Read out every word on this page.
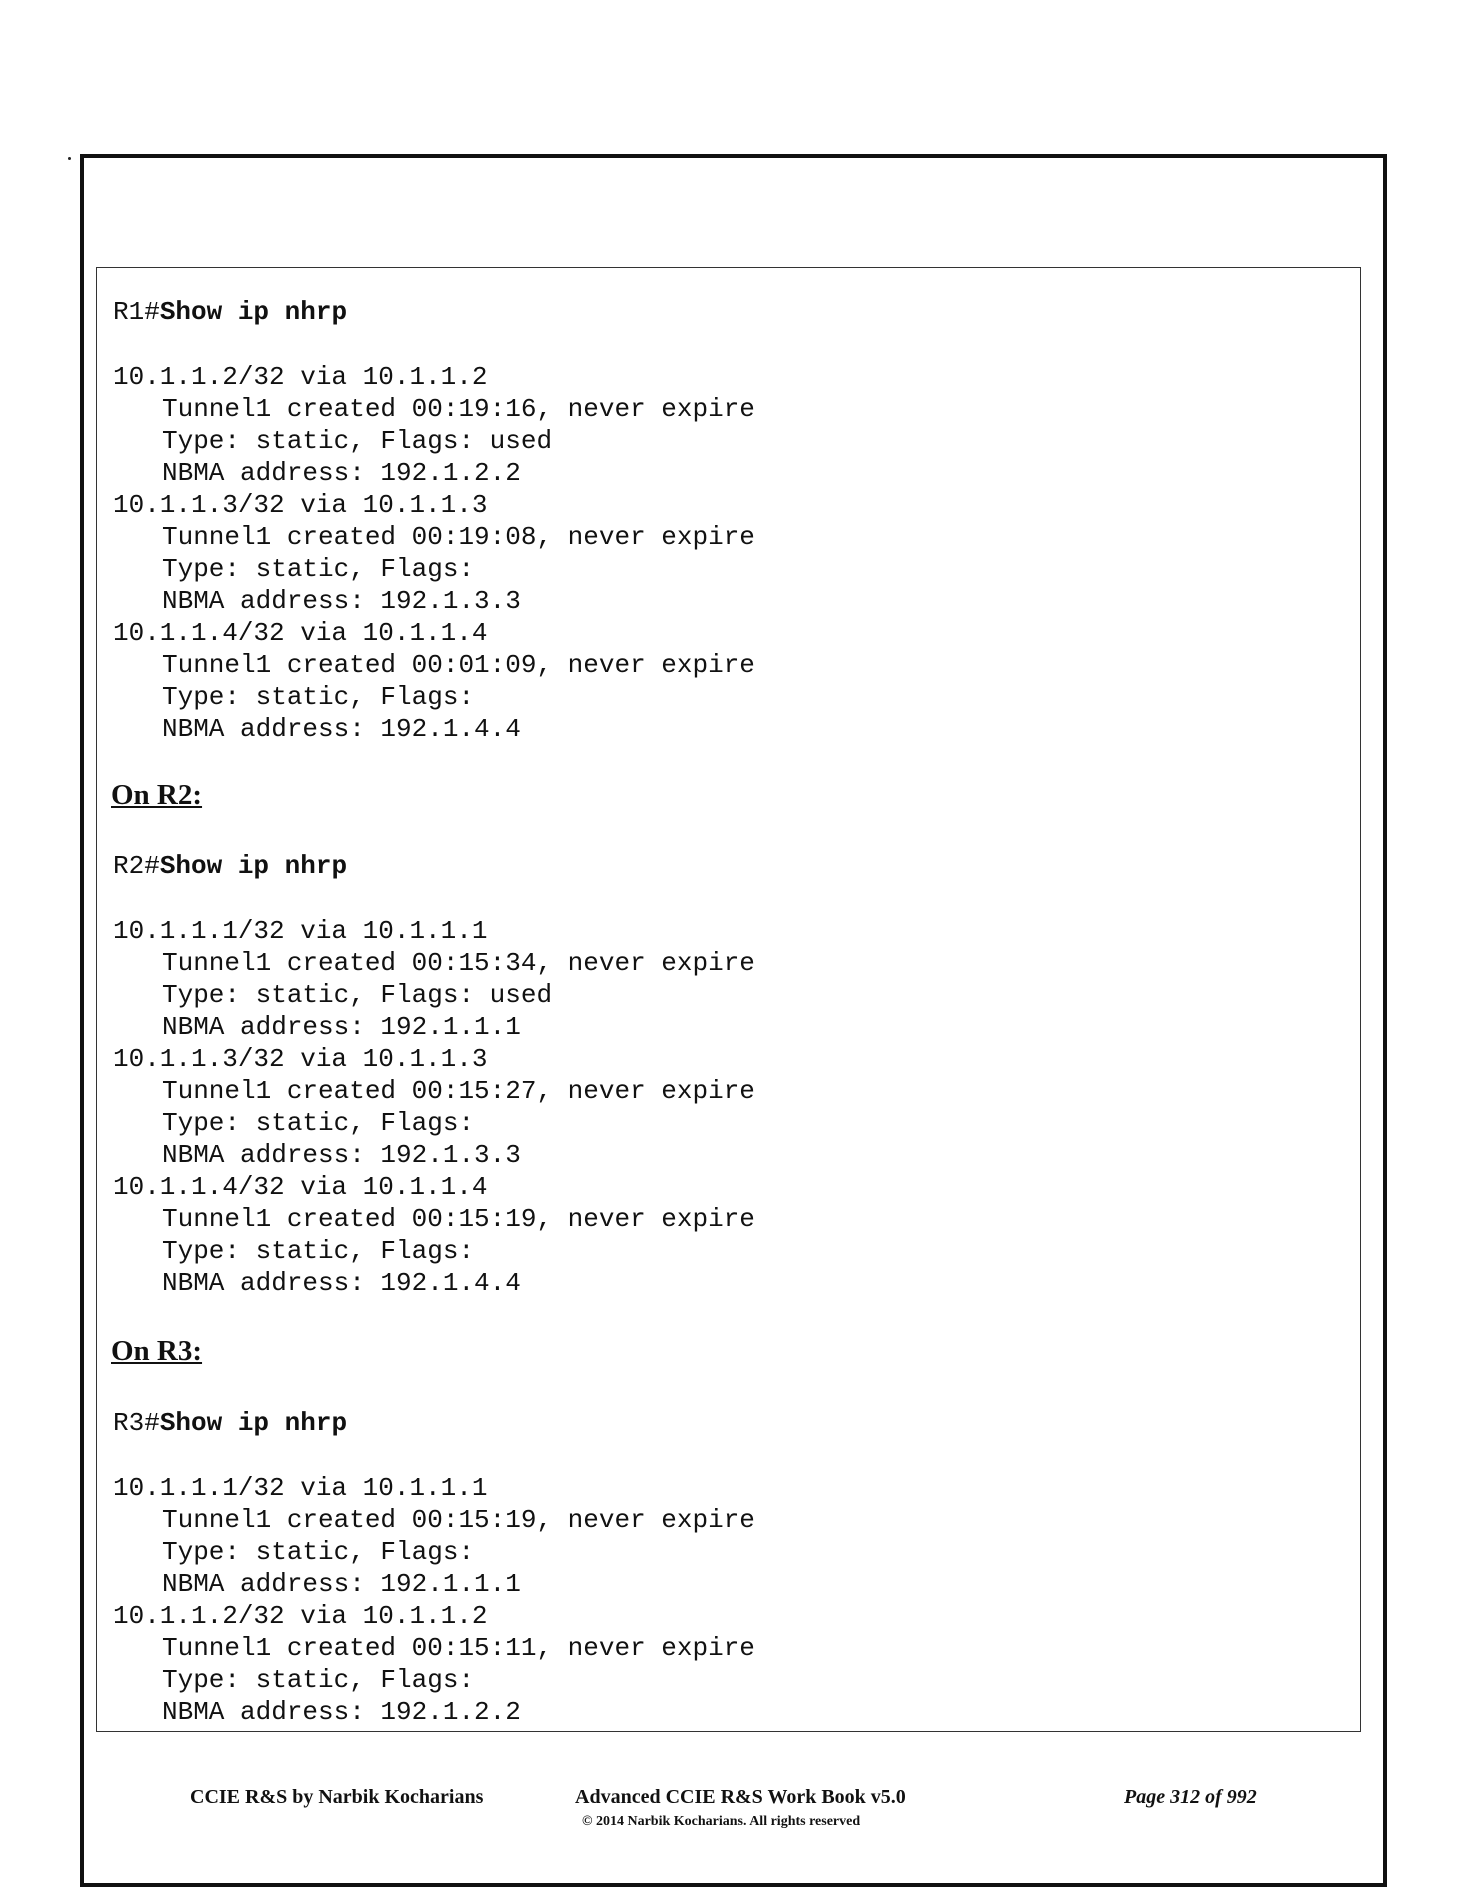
R1#Show ip nhrp
10.1.1.2/32 via 10.1.1.2
Tunnel1 created 00:19:16, never expire
Type: static, Flags: used
NBMA address: 192.1.2.2
10.1.1.3/32 via 10.1.1.3
Tunnel1 created 00:19:08, never expire
Type: static, Flags:
NBMA address: 192.1.3.3
10.1.1.4/32 via 10.1.1.4
Tunnel1 created 00:01:09, never expire
Type: static, Flags:
NBMA address: 192.1.4.4
On R2:
R2#Show ip nhrp
10.1.1.1/32 via 10.1.1.1
Tunnel1 created 00:15:34, never expire
Type: static, Flags: used
NBMA address: 192.1.1.1
10.1.1.3/32 via 10.1.1.3
Tunnel1 created 00:15:27, never expire
Type: static, Flags:
NBMA address: 192.1.3.3
10.1.1.4/32 via 10.1.1.4
Tunnel1 created 00:15:19, never expire
Type: static, Flags:
NBMA address: 192.1.4.4
On R3:
R3#Show ip nhrp
10.1.1.1/32 via 10.1.1.1
Tunnel1 created 00:15:19, never expire
Type: static, Flags:
NBMA address: 192.1.1.1
10.1.1.2/32 via 10.1.1.2
Tunnel1 created 00:15:11, never expire
Type: static, Flags:
NBMA address: 192.1.2.2
CCIE R&S by Narbik Kocharians	Advanced CCIE R&S Work Book v5.0
© 2014 Narbik Kocharians. All rights reserved
Page 312 of 992
